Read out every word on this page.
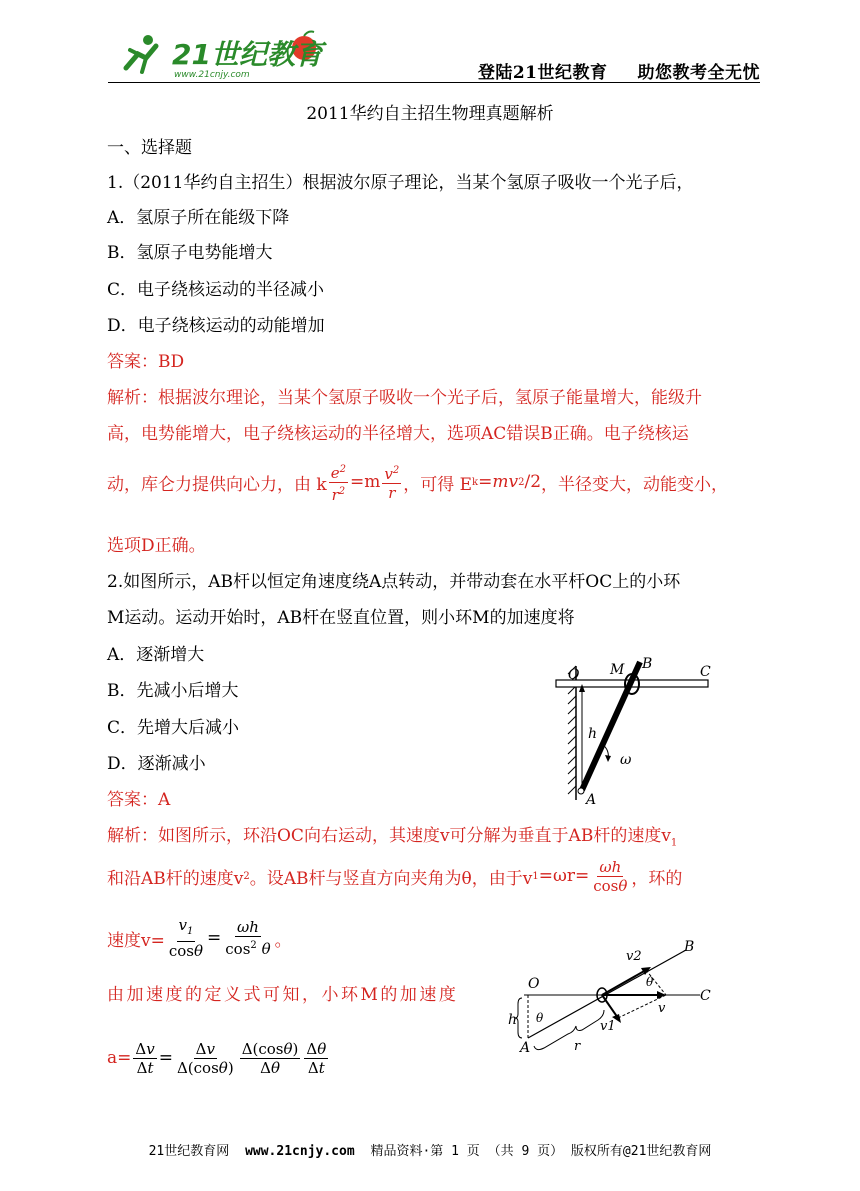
21世纪教育
www.21cnjy.com	登陆21世纪教育 助您教考全无忧
2011华约自主招生物理真题解析
一、选择题
1.（2011华约自主招生）根据波尔原子理论，当某个氢原子吸收一个光子后，
A．氢原子所在能级下降
B．氢原子电势能增大
C．电子绕核运动的半径减小
D．电子绕核运动的动能增加
答案：BD
解析：根据波尔理论，当某个氢原子吸收一个光子后，氢原子能量增大，能级升
高，电势能增大，电子绕核运动的半径增大，选项AC错误B正确。电子绕核运
动，库仑力提供向心力，由 k $\frac{e^2}{r^2} =m \frac{v^2}{r}$ ，可得 E k = mv 2 /2 ，半径变大，动能变小，
选项D正确。
2.如图所示，AB杆以恒定角速度绕A点转动，并带动套在水平杆OC上的小环
M运动。运动开始时，AB杆在竖直位置，则小环M的加速度将
A．逐渐增大
B．先减小后增大
C．先增大后减小
D．逐渐减小
答案：A
O M B	C
h
ω
A
解析：如图所示，环沿OC向右运动，其速度v可分解为垂直于AB杆的速度$v_1$
和沿AB杆的速度v 2 。设AB杆与竖直方向夹角为θ，由于v $1 =\omega r= \frac{\omega h}{\cos\theta}$ ，环的
速度$v= \frac{v_1}{\cos\theta} = \frac{\omega h}{\cos^2 \theta}$ 。
由加速度的定义式可知，小环M的加速度
$a= \frac{\Delta v}{\Delta t} = \frac{\Delta v}{\Delta(\cos\theta)} \frac{\Delta(\cos\theta)}{\Delta\theta} \frac{\Delta\theta}{\Delta t}$
O
v2
B
θ
C
h θ
v1
v
A	r
21世纪教育网 www.21cnjy.com 精品资料·第 1 页 （共 9 页） 版权所有@21世纪教育网
